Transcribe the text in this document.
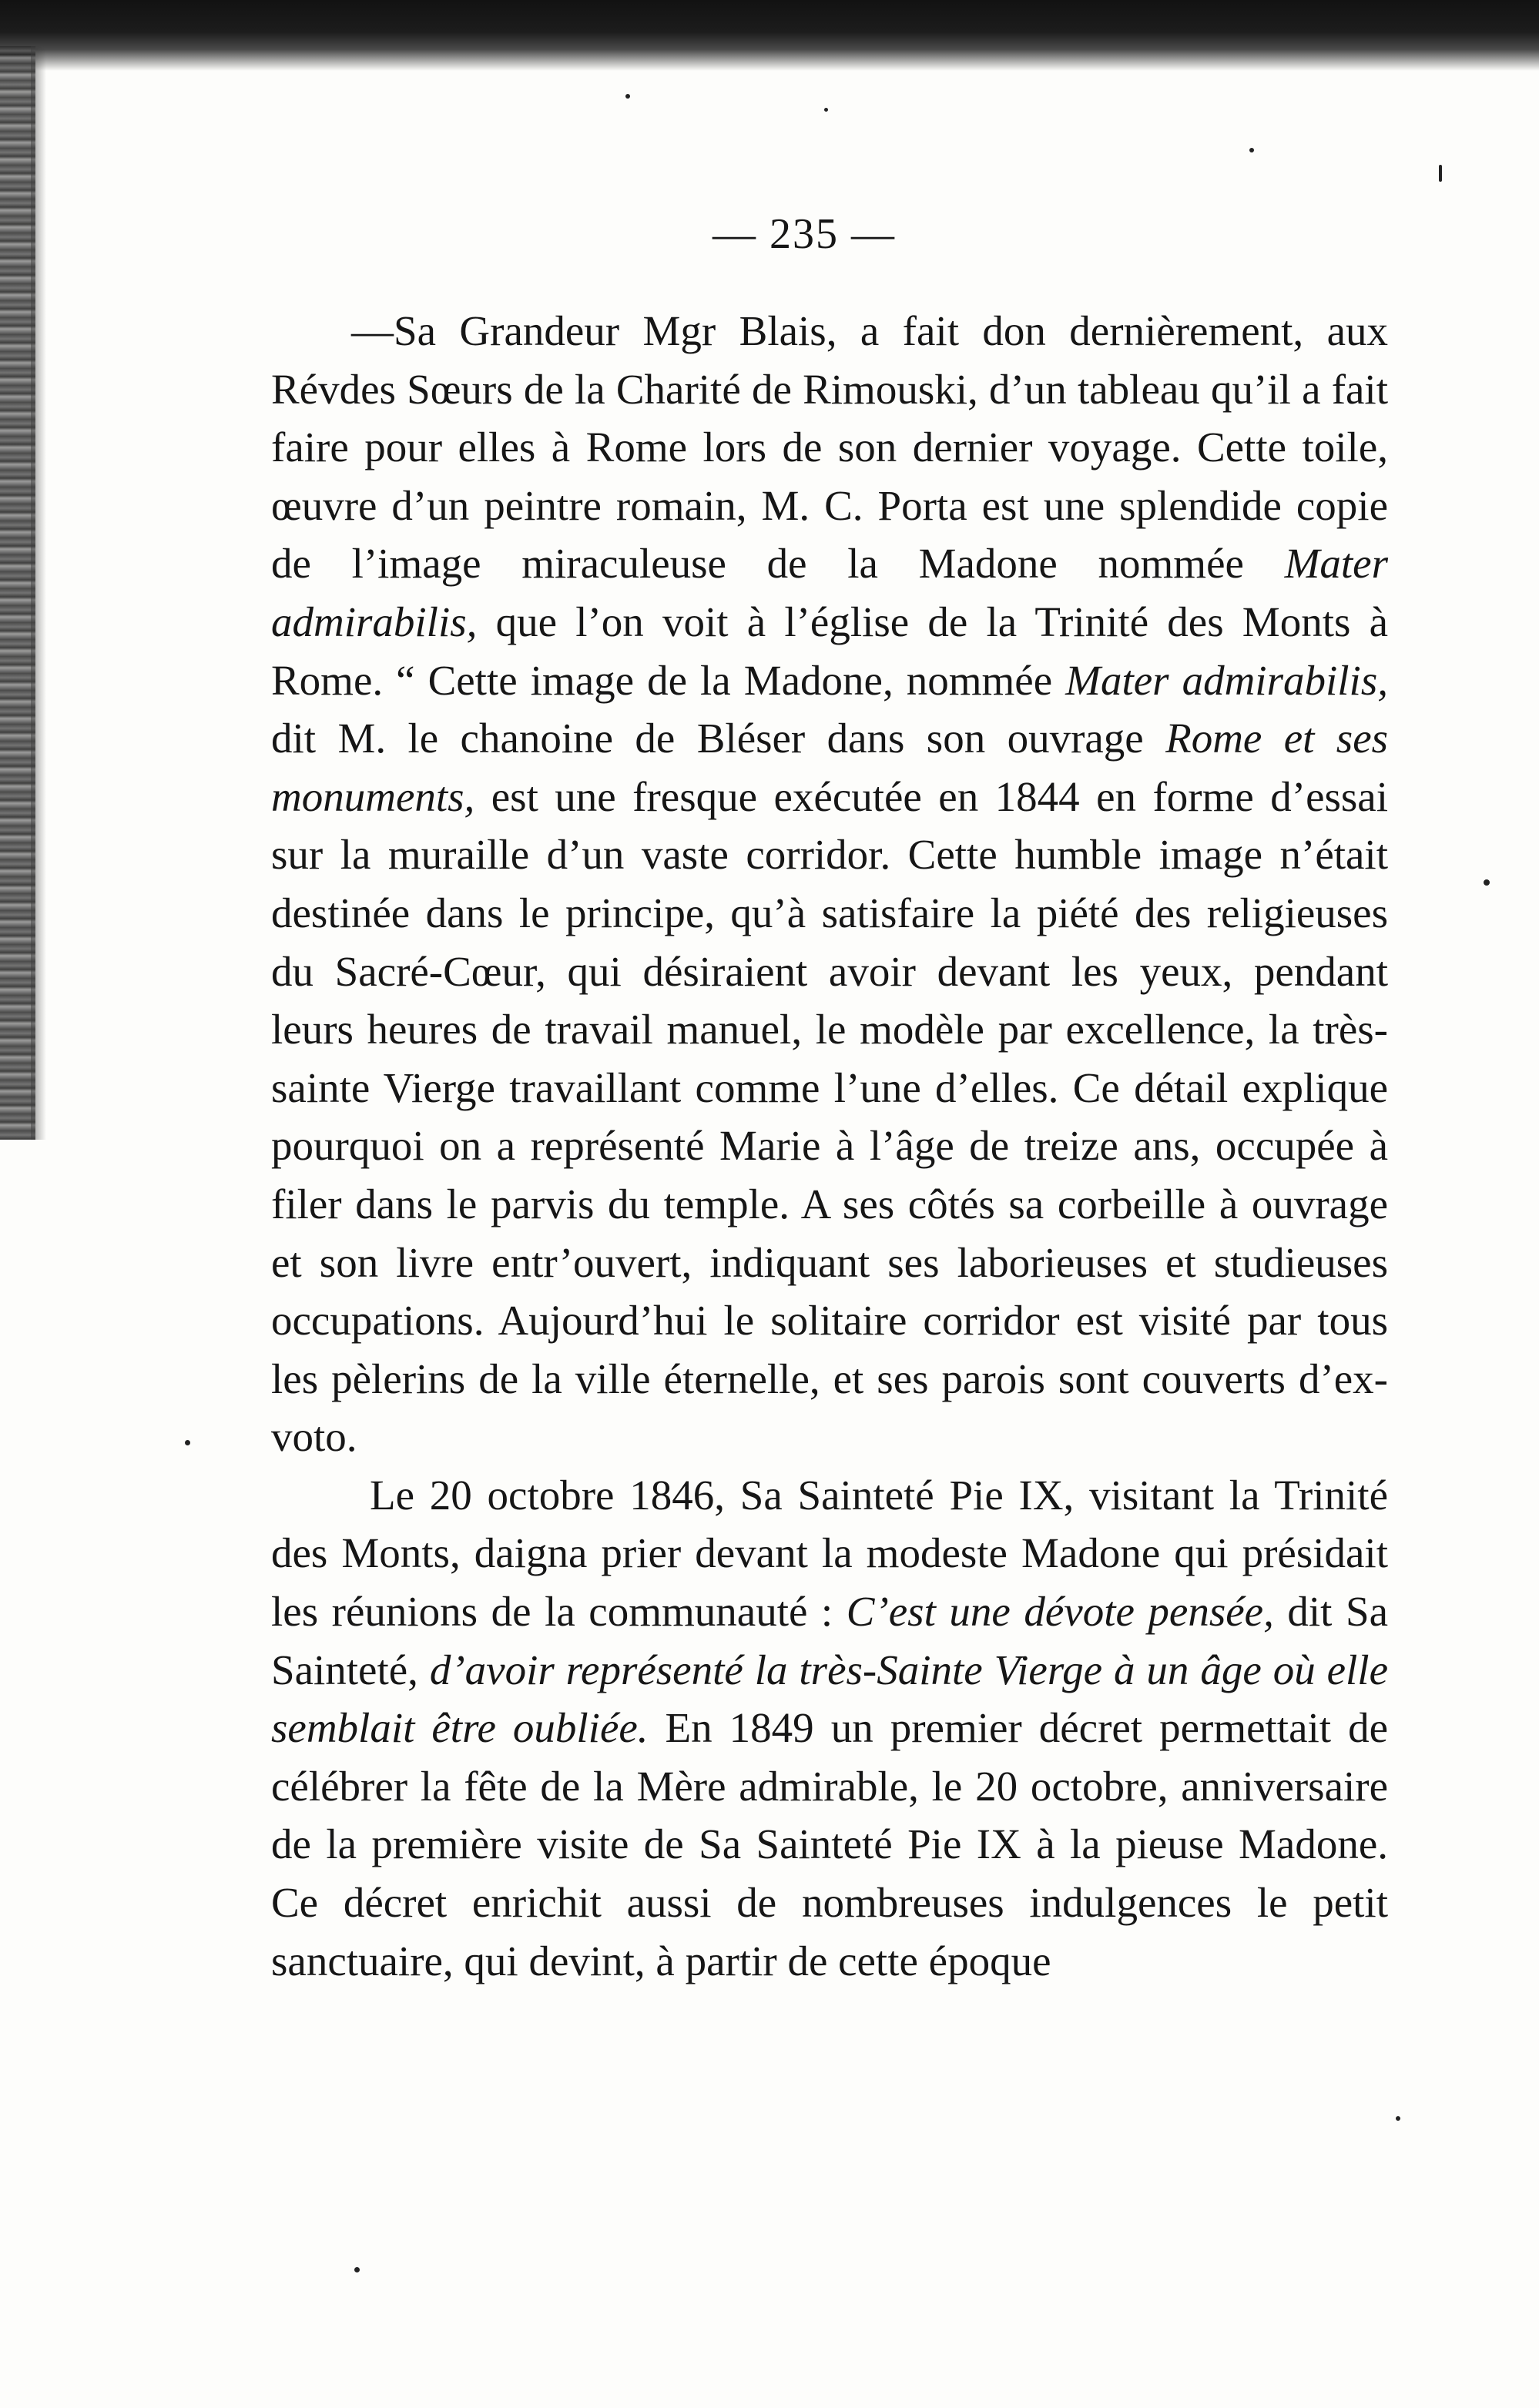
— 235 —

—Sa Grandeur Mgr Blais, a fait don dernièrement, aux Révdes Sœurs de la Charité de Rimouski, d’un tableau qu’il a fait faire pour elles à Rome lors de son dernier voyage. Cette toile, œuvre d’un peintre romain, M. C. Porta est une splendide copie de l’image miraculeuse de la Madone nommée Mater admirabilis, que l’on voit à l’église de la Trinité des Monts à Rome. “ Cette image de la Madone, nommée Mater admirabilis, dit M. le chanoine de Bléser dans son ouvrage Rome et ses monuments, est une fresque exécutée en 1844 en forme d’essai sur la muraille d’un vaste corridor. Cette humble image n’était destinée dans le principe, qu’à satisfaire la piété des religieuses du Sacré-Cœur, qui désiraient avoir devant les yeux, pendant leurs heures de travail manuel, le modèle par excellence, la très-sainte Vierge travaillant comme l’une d’elles. Ce détail explique pourquoi on a représenté Marie à l’âge de treize ans, occupée à filer dans le parvis du temple. A ses côtés sa corbeille à ouvrage et son livre entr’ouvert, indiquant ses laborieuses et studieuses occupations. Aujourd’hui le solitaire corridor est visité par tous les pèlerins de la ville éternelle, et ses parois sont couverts d’ex-voto.

Le 20 octobre 1846, Sa Sainteté Pie IX, visitant la Trinité des Monts, daigna prier devant la modeste Madone qui présidait les réunions de la communauté : C’est une dévote pensée, dit Sa Sainteté, d’avoir représenté la très-Sainte Vierge à un âge où elle semblait être oubliée. En 1849 un premier décret permettait de célébrer la fête de la Mère admirable, le 20 octobre, anniversaire de la première visite de Sa Sainteté Pie IX à la pieuse Madone. Ce décret enrichit aussi de nombreuses indulgences le petit sanctuaire, qui devint, à partir de cette époque
